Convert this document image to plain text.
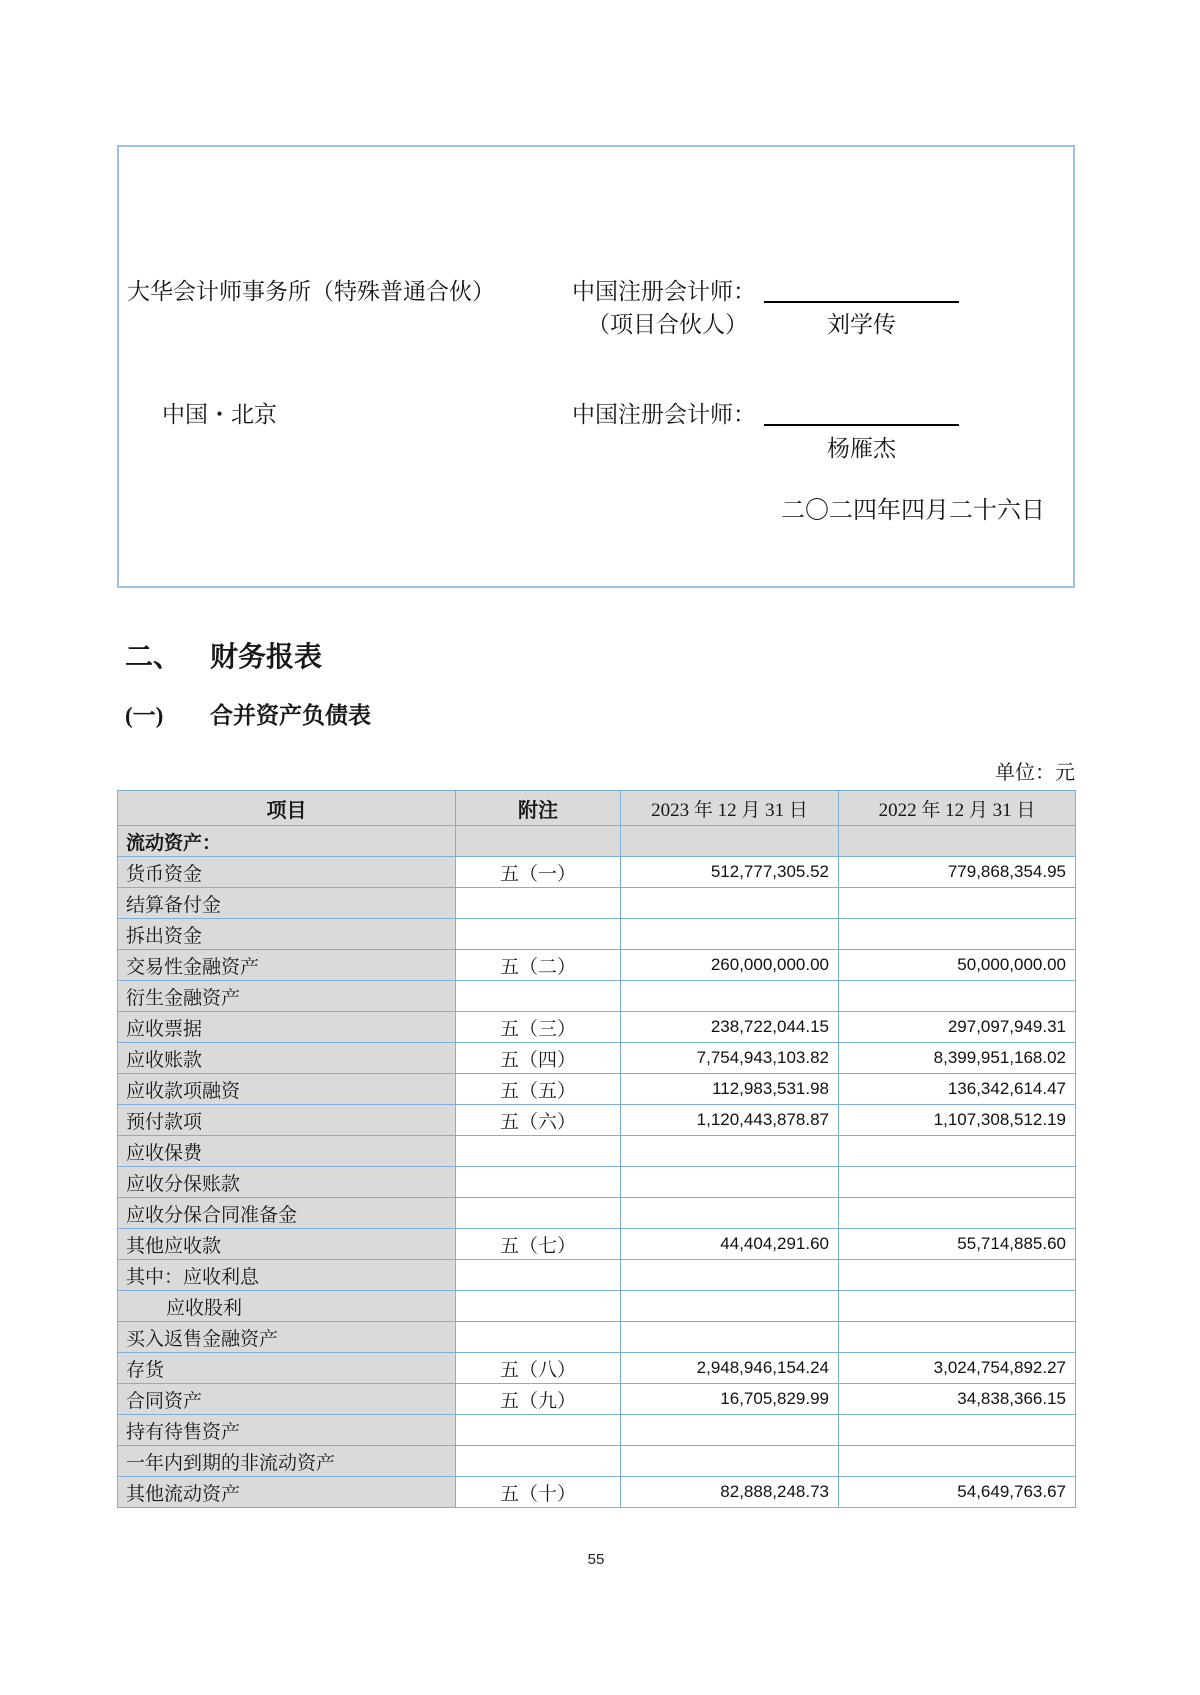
大华会计师事务所（特殊普通合伙）	中国注册会计师：
（项目合伙人）	刘学传
中国・北京	中国注册会计师：
杨雁杰
二〇二四年四月二十六日
二、 财务报表
(一) 合并资产负债表
单位：元
项目	附注	2023 年 12 月 31 日	2022 年 12 月 31 日
流动资产：			
货币资金	五（一）	512,777,305.52	779,868,354.95
结算备付金			
拆出资金			
交易性金融资产	五（二）	260,000,000.00	50,000,000.00
衍生金融资产			
应收票据	五（三）	238,722,044.15	297,097,949.31
应收账款	五（四）	7,754,943,103.82	8,399,951,168.02
应收款项融资	五（五）	112,983,531.98	136,342,614.47
预付款项	五（六）	1,120,443,878.87	1,107,308,512.19
应收保费			
应收分保账款			
应收分保合同准备金			
其他应收款	五（七）	44,404,291.60	55,714,885.60
其中：应收利息			
应收股利			
买入返售金融资产			
存货	五（八）	2,948,946,154.24	3,024,754,892.27
合同资产	五（九）	16,705,829.99	34,838,366.15
持有待售资产			
一年内到期的非流动资产			
其他流动资产	五（十）	82,888,248.73	54,649,763.67
55
